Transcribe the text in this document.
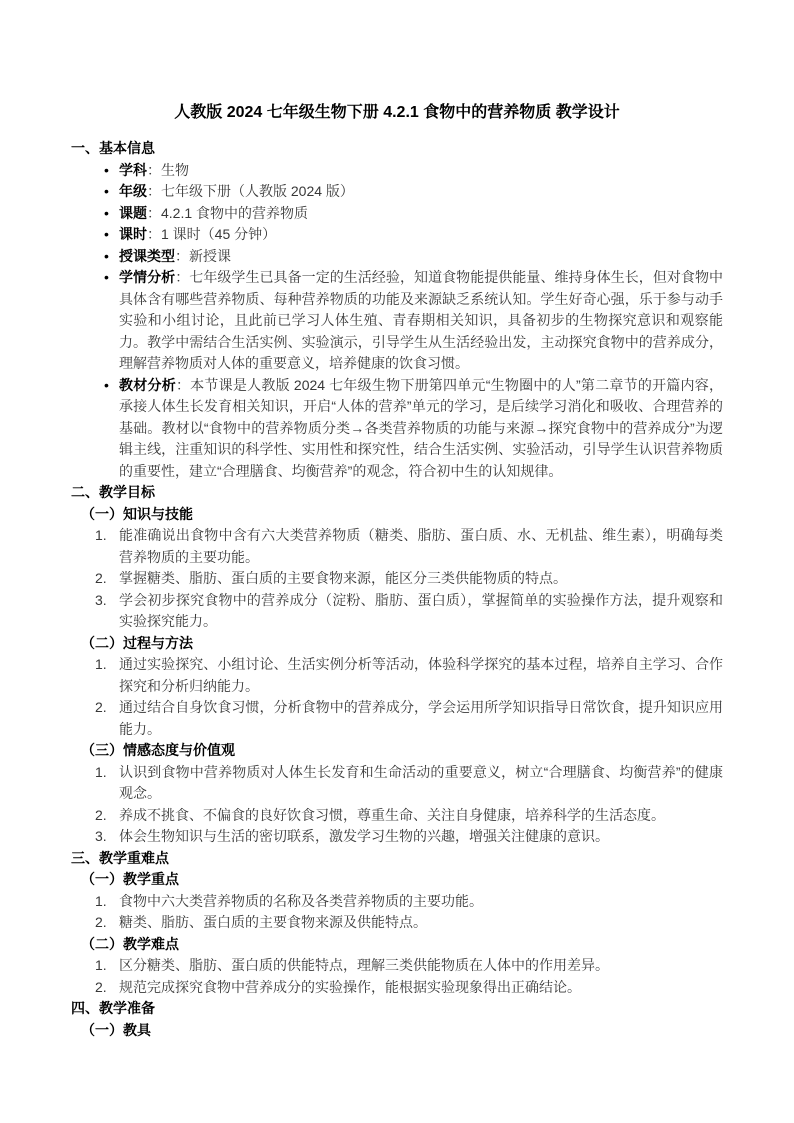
人教版 2024 七年级生物下册 4.2.1 食物中的营养物质 教学设计
一、基本信息
• 学科：生物
• 年级：七年级下册（人教版 2024 版）
• 课题：4.2.1 食物中的营养物质
• 课时：1 课时（45 分钟）
• 授课类型：新授课
• 学情分析：七年级学生已具备一定的生活经验，知道食物能提供能量、维持身体生长，但对食物中具体含有哪些营养物质、每种营养物质的功能及来源缺乏系统认知。学生好奇心强，乐于参与动手实验和小组讨论，且此前已学习人体生殖、青春期相关知识，具备初步的生物探究意识和观察能力。教学中需结合生活实例、实验演示，引导学生从生活经验出发，主动探究食物中的营养成分，理解营养物质对人体的重要意义，培养健康的饮食习惯。
• 教材分析：本节课是人教版 2024 七年级生物下册第四单元“生物圈中的人”第二章节的开篇内容，承接人体生长发育相关知识，开启“人体的营养”单元的学习，是后续学习消化和吸收、合理营养的基础。教材以“食物中的营养物质分类→各类营养物质的功能与来源→探究食物中的营养成分”为逻辑主线，注重知识的科学性、实用性和探究性，结合生活实例、实验活动，引导学生认识营养物质的重要性，建立“合理膳食、均衡营养”的观念，符合初中生的认知规律。
二、教学目标
（一）知识与技能
1. 能准确说出食物中含有六大类营养物质（糖类、脂肪、蛋白质、水、无机盐、维生素），明确每类营养物质的主要功能。
2. 掌握糖类、脂肪、蛋白质的主要食物来源，能区分三类供能物质的特点。
3. 学会初步探究食物中的营养成分（淀粉、脂肪、蛋白质），掌握简单的实验操作方法，提升观察和实验探究能力。
（二）过程与方法
1. 通过实验探究、小组讨论、生活实例分析等活动，体验科学探究的基本过程，培养自主学习、合作探究和分析归纳能力。
2. 通过结合自身饮食习惯，分析食物中的营养成分，学会运用所学知识指导日常饮食，提升知识应用能力。
（三）情感态度与价值观
1. 认识到食物中营养物质对人体生长发育和生命活动的重要意义，树立“合理膳食、均衡营养”的健康观念。
2. 养成不挑食、不偏食的良好饮食习惯，尊重生命、关注自身健康，培养科学的生活态度。
3. 体会生物知识与生活的密切联系，激发学习生物的兴趣，增强关注健康的意识。
三、教学重难点
（一）教学重点
1. 食物中六大类营养物质的名称及各类营养物质的主要功能。
2. 糖类、脂肪、蛋白质的主要食物来源及供能特点。
（二）教学难点
1. 区分糖类、脂肪、蛋白质的供能特点，理解三类供能物质在人体中的作用差异。
2. 规范完成探究食物中营养成分的实验操作，能根据实验现象得出正确结论。
四、教学准备
（一）教具
